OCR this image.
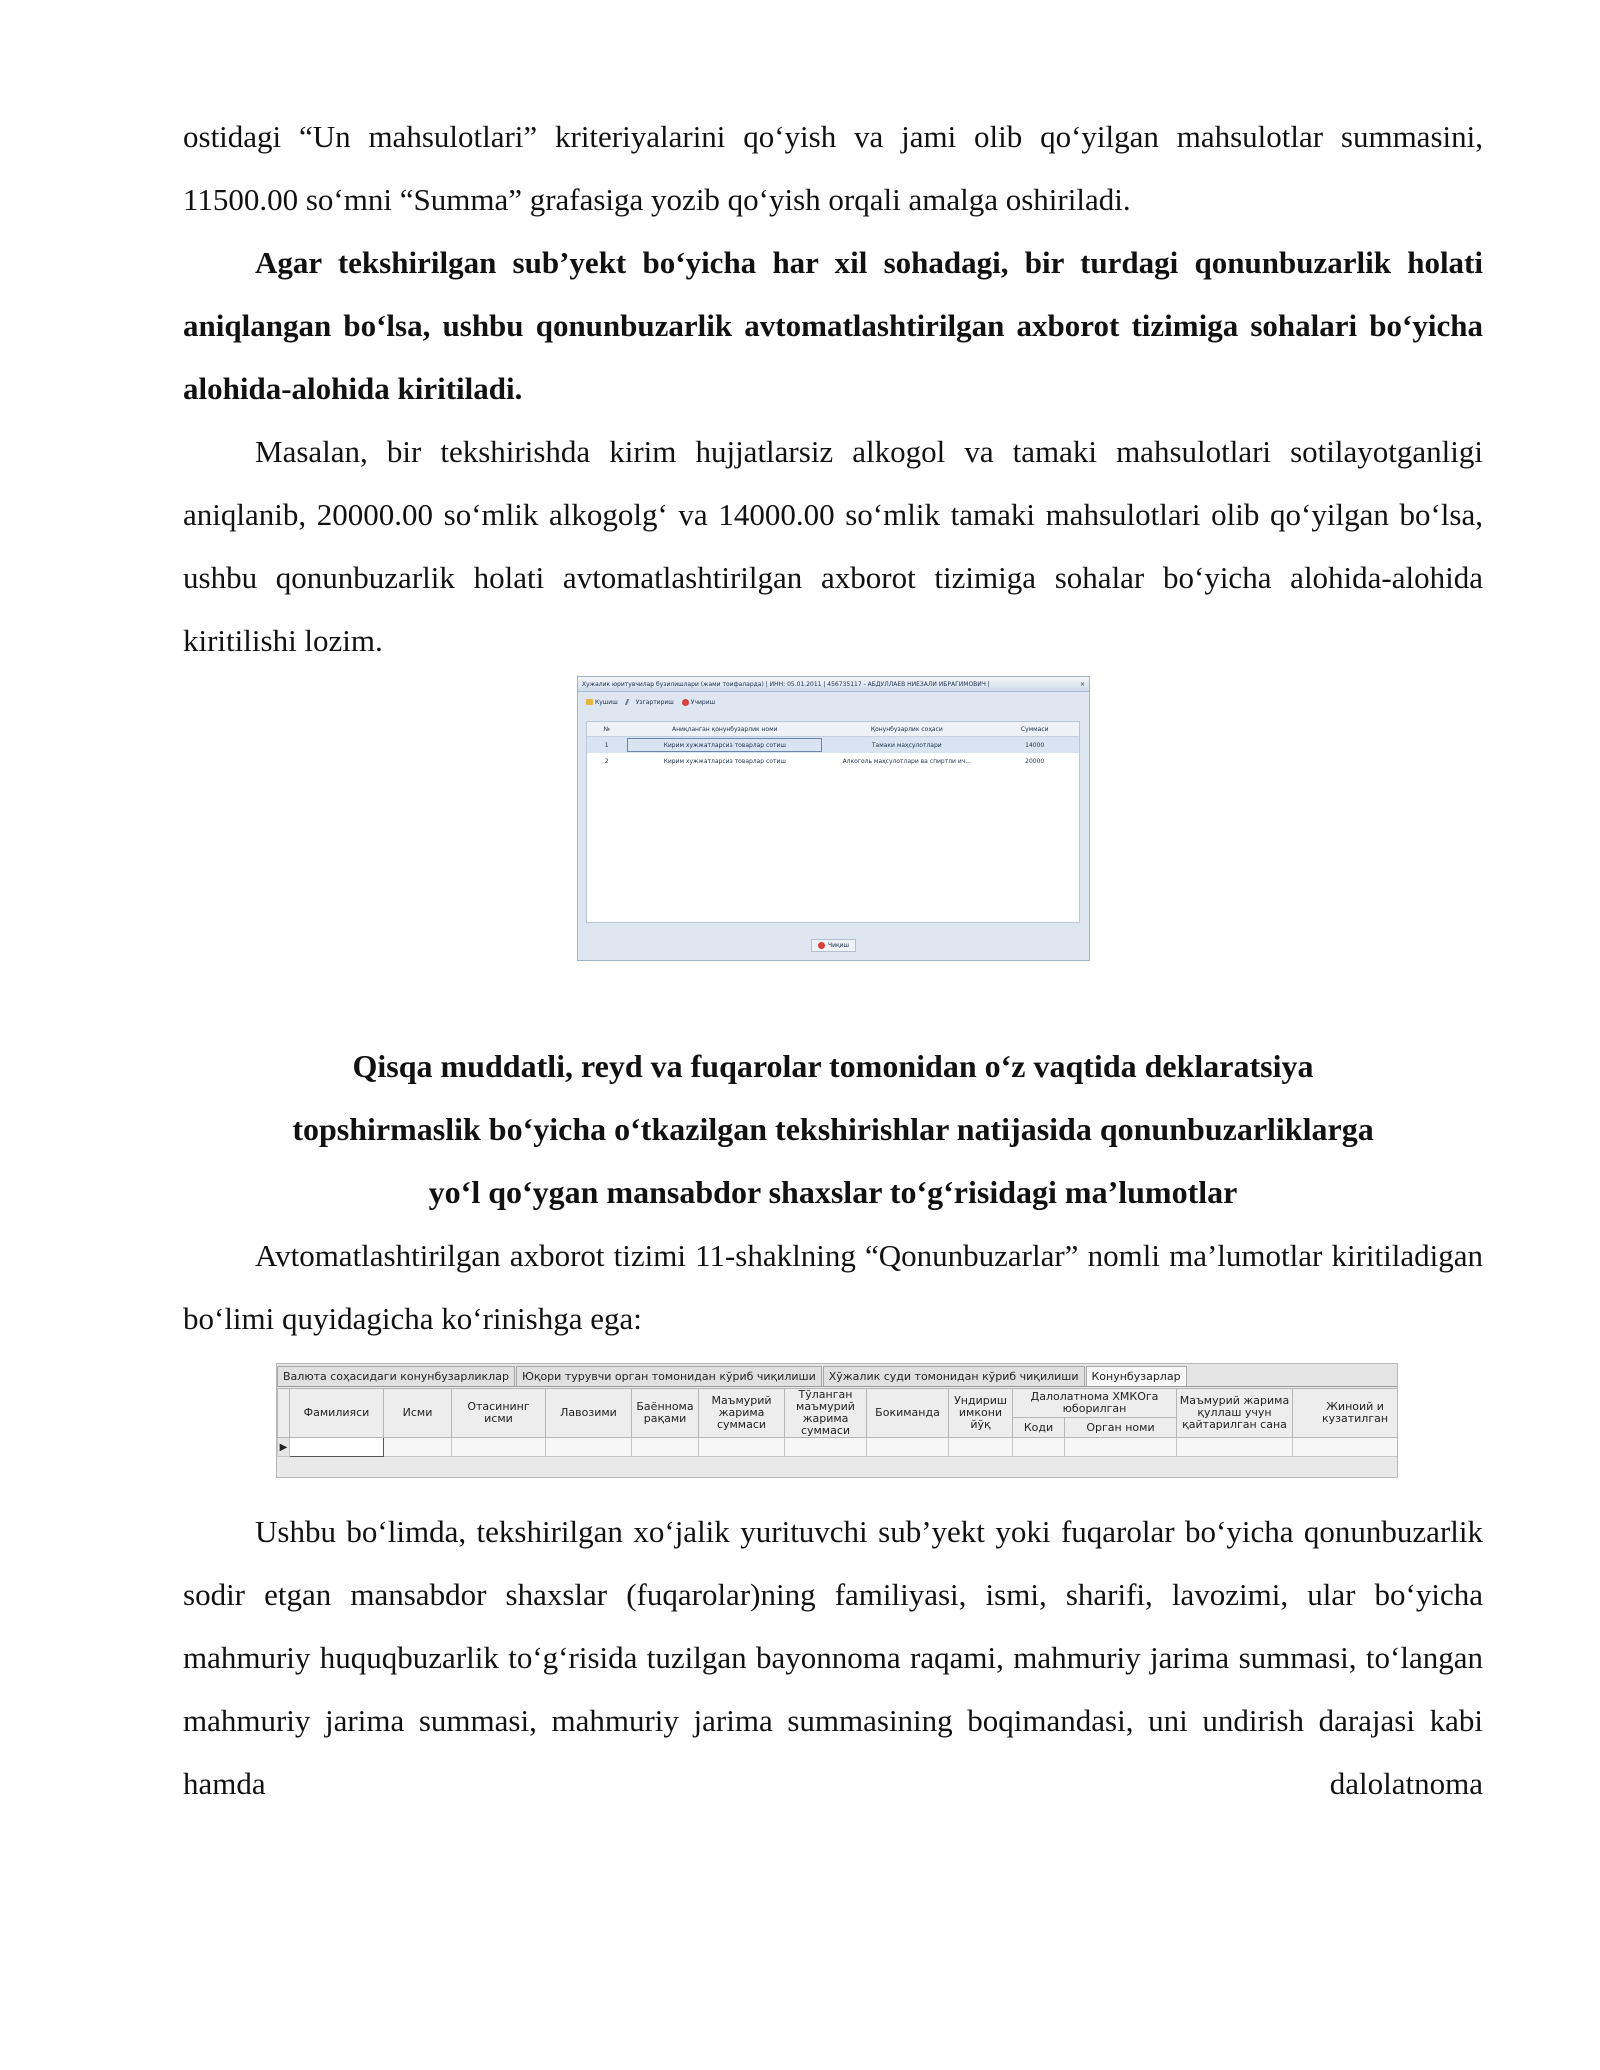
ostidagi “Un mahsulotlari” kriteriyalarini qo‘yish va jami olib qo‘yilgan mahsulotlar summasini, 11500.00 so‘mni “Summa” grafasiga yozib qo‘yish orqali amalga oshiriladi.

Agar tekshirilgan sub’yekt bo‘yicha har xil sohadagi, bir turdagi qonunbuzarlik holati aniqlangan bo‘lsa, ushbu qonunbuzarlik avtomatlashtirilgan axborot tizimiga sohalari bo‘yicha alohida-alohida kiritiladi.

Masalan, bir tekshirishda kirim hujjatlarsiz alkogol va tamaki mahsulotlari sotilayotganligi aniqlanib, 20000.00 so‘mlik alkogolg‘ va 14000.00 so‘mlik tamaki mahsulotlari olib qo‘yilgan bo‘lsa, ushbu qonunbuzarlik holati avtomatlashtirilgan axborot tizimiga sohalar bo‘yicha alohida-alohida kiritilishi lozim.

Хужалик юритувчилар бузилишлари (жами тоифаларда) | ИНН: 05.01.2011 | 456735117 - АБДУЛЛАЕВ НИЁЗАЛИ ИБРАГИМОВИЧ |	×
Кушиш	Узгартириш	Учириш
№	Аниқланган қонунбузарлик номи	Қонунбузарлик соҳаси	Суммаси
1	Кирим хужжатларсиз товарлар сотиш	Тамаки маҳсулотлари	14000
2	Кирим хужжатларсиз товарлар сотиш	Алкоголь маҳсулотлари ва спиртли ич...	20000
Чиқиш
Qisqa muddatli, reyd va fuqarolar tomonidan o‘z vaqtida deklaratsiya topshirmaslik bo‘yicha o‘tkazilgan tekshirishlar natijasida qonunbuzarliklarga yo‘l qo‘ygan mansabdor shaxslar to‘g‘risidagi ma’lumotlar

Avtomatlashtirilgan axborot tizimi 11-shaklning “Qonunbuzarlar” nomli ma’lumotlar kiritiladigan bo‘limi quyidagicha ko‘rinishga ega:

Валюта соҳасидаги конунбузарликлар	Юқори турувчи орган томонидан кўриб чиқилиши	Хўжалик суди томонидан кўриб чиқилиши	Конунбузарлар
	Фамилияси	Исми	Отасининг исми	Лавозими	Баённома рақами	Маъмурий жарима суммаси	Тўланган маъмурий жарима суммаси	Бокиманда	Ундириш имкони йўқ	Далолатнома ХМКОга юборилган		Маъмурий жарима қуллаш учун қайтарилган сана	Жиноий и кузатилган
										Коди	Орган номи		
▶													

Ushbu bo‘limda, tekshirilgan xo‘jalik yurituvchi sub’yekt yoki fuqarolar bo‘yicha qonunbuzarlik sodir etgan mansabdor shaxslar (fuqarolar)ning familiyasi, ismi, sharifi, lavozimi, ular bo‘yicha mahmuriy huquqbuzarlik to‘g‘risida tuzilgan bayonnoma raqami, mahmuriy jarima summasi, to‘langan mahmuriy jarima summasi, mahmuriy jarima summasining boqimandasi, uni undirish darajasi kabi hamda dalolatnoma
